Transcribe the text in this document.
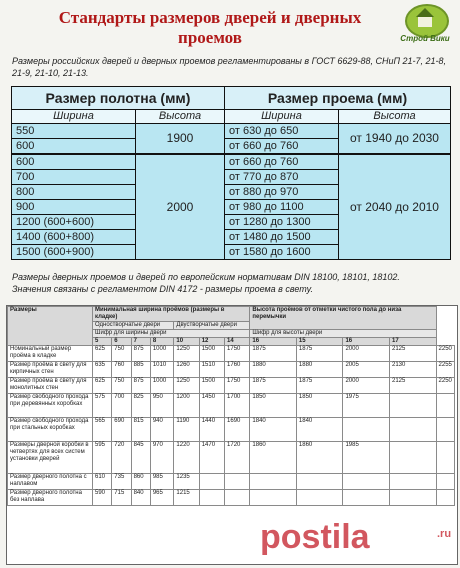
Стандарты размеров дверей и дверных проемов	Строй Вики
Размеры российских дверей и дверных проемов регламентированы в ГОСТ 6629-88, СНиП 21-7, 21-8, 21-9, 21-10, 21-13.
Размер полотна (мм)		Размер проема (мм)	
Ширина	Высота	Ширина	Высота
550	1900	от 630 до 650	от 1940 до 2030
600		от 660 до 760	
600	2000	от 660 до 760	от 2040 до 2010
700		от 770 до 870	
800		от 880 до 970	
900		от 980 до 1100	
1200 (600+600)		от 1280 до 1300	
1400 (600+800)		от 1480 до 1500	
1500 (600+900)		от 1580 до 1600	
Размеры дверных проемов и дверей по европейским нормативам DIN 18100, 18101, 18102.
Значения связаны с регламентом DIN 4172 - размеры проема в свету.
Размеры	Минимальная ширина проёмов (размеры в кладке)							Высота проёмов от отметки чистого пола до низа перемычки				
	Одностворчатые двери				Двустворчатые двери							
	Шифр для ширины двери							Шифр для высоты двери				
	5	6	7	8	10	12	14	16	15	16	17	
Номинальный размер проёма в кладке	625	750	875	1000	1250	1500	1750	1875	1875	2000	2125	2250
Размер проёма в свету для кирпичных стен	635	760	885	1010	1260	1510	1760	1880	1880	2005	2130	2255
Размер проёма в свету для монолитных стен	625	750	875	1000	1250	1500	1750	1875	1875	2000	2125	2250
Размер свободного прохода при деревянных коробках	575	700	825	950	1200	1450	1700	1850	1850	1975		
Размер свободного прохода при стальных коробках	565	690	815	940	1190	1440	1690	1840	1840			
Размеры дверной коробки в четвертях для всех систем установки дверей	595	720	845	970	1220	1470	1720	1860	1860	1985		
Размер дверного полотна с наплавом	610	735	860	985	1235							
Размер дверного полотна без наплава	590	715	840	965	1215							
postila	.ru
